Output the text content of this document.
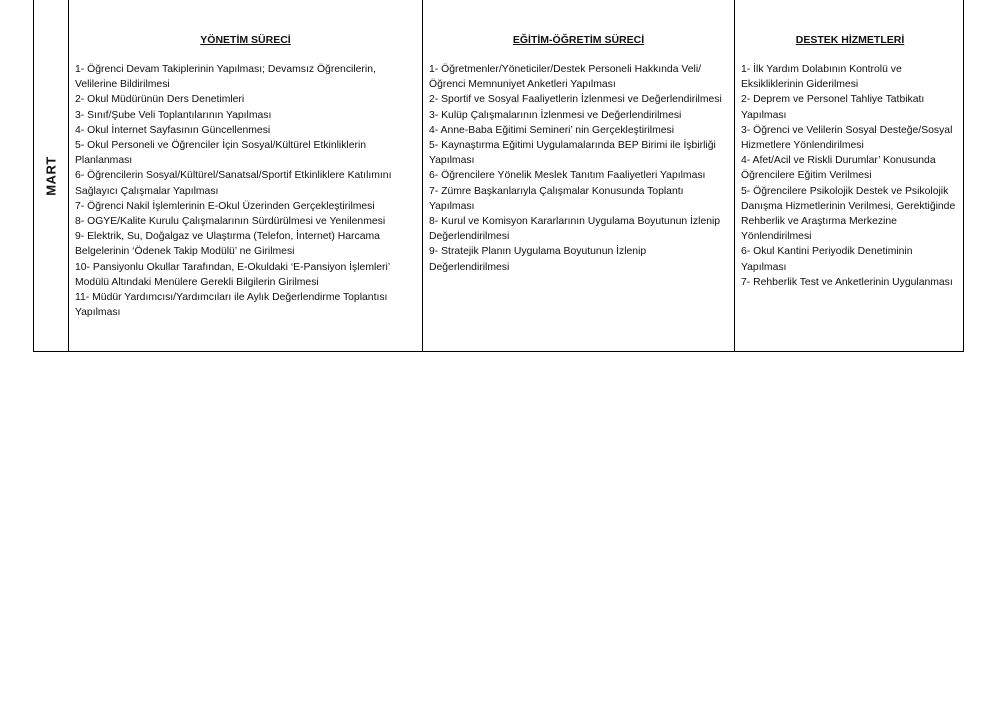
MART
YÖNETİM SÜRECİ
1- Öğrenci Devam Takiplerinin Yapılması; Devamsız Öğrencilerin, Velilerine Bildirilmesi
2- Okul Müdürünün Ders Denetimleri
3- Sınıf/Şube Veli Toplantılarının Yapılması
4- Okul İnternet Sayfasının Güncellenmesi
5- Okul Personeli ve Öğrenciler İçin Sosyal/Kültürel Etkinliklerin Planlanması
6- Öğrencilerin Sosyal/Kültürel/Sanatsal/Sportif Etkinliklere Katılımını Sağlayıcı Çalışmalar Yapılması
7- Öğrenci Nakil İşlemlerinin E-Okul Üzerinden Gerçekleştirilmesi
8- OGYE/Kalite Kurulu Çalışmalarının Sürdürülmesi ve Yenilenmesi
9- Elektrik, Su, Doğalgaz ve Ulaştırma (Telefon, İnternet) Harcama Belgelerinin ‘Ödenek Takip Modülü’ ne Girilmesi
10- Pansiyonlu Okullar Tarafından, E-Okuldaki ‘E-Pansiyon İşlemleri’ Modülü Altındaki Menülere Gerekli Bilgilerin Girilmesi
11- Müdür Yardımcısı/Yardımcıları ile Aylık Değerlendirme Toplantısı Yapılması
EĞİTİM-ÖĞRETİM SÜRECİ
1- Öğretmenler/Yöneticiler/Destek Personeli Hakkında Veli/Öğrenci Memnuniyet Anketleri Yapılması
2- Sportif ve Sosyal Faaliyetlerin İzlenmesi ve Değerlendirilmesi
3- Kulüp Çalışmalarının İzlenmesi ve Değerlendirilmesi
4- Anne-Baba Eğitimi Semineri’ nin Gerçekleştirilmesi
5- Kaynaştırma Eğitimi Uygulamalarında BEP Birimi ile İşbirliği Yapılması
6- Öğrencilere Yönelik Meslek Tanıtım Faaliyetleri Yapılması
7- Zümre Başkanlarıyla Çalışmalar Konusunda Toplantı Yapılması
8- Kurul ve Komisyon Kararlarının Uygulama Boyutunun İzlenip Değerlendirilmesi
9- Stratejik Planın Uygulama Boyutunun İzlenip Değerlendirilmesi
DESTEK HİZMETLERİ
1- İlk Yardım Dolabının Kontrolü ve Eksikliklerinin Giderilmesi
2- Deprem ve Personel Tahliye Tatbikatı Yapılması
3- Öğrenci ve Velilerin Sosyal Desteğe/Sosyal Hizmetlere Yönlendirilmesi
4- Afet/Acil ve Riskli Durumlar’ Konusunda Öğrencilere Eğitim Verilmesi
5- Öğrencilere Psikolojik Destek ve Psikolojik Danışma Hizmetlerinin Verilmesi, Gerektiğinde Rehberlik ve Araştırma Merkezine Yönlendirilmesi
6- Okul Kantini Periyodik Denetiminin Yapılması
7- Rehberlik Test ve Anketlerinin Uygulanması
